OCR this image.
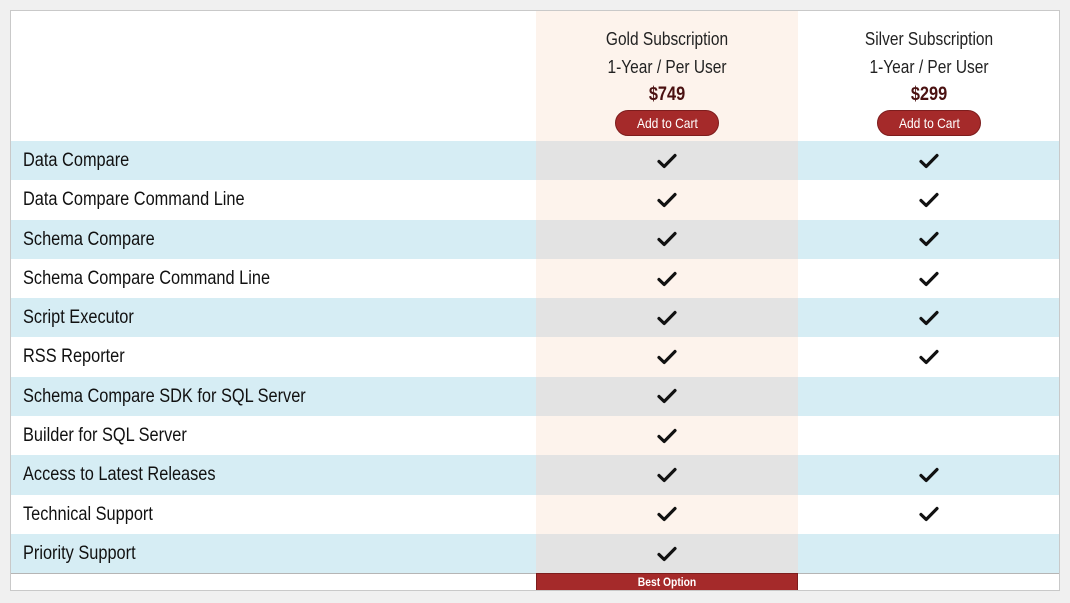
Gold Subscription
1-Year / Per User
$749
Add to Cart
Silver Subscription
1-Year / Per User
$299
Add to Cart
Data Compare
Data Compare Command Line
Schema Compare
Schema Compare Command Line
Script Executor
RSS Reporter
Schema Compare SDK for SQL Server
Builder for SQL Server
Access to Latest Releases
Technical Support
Priority Support
Best Option
